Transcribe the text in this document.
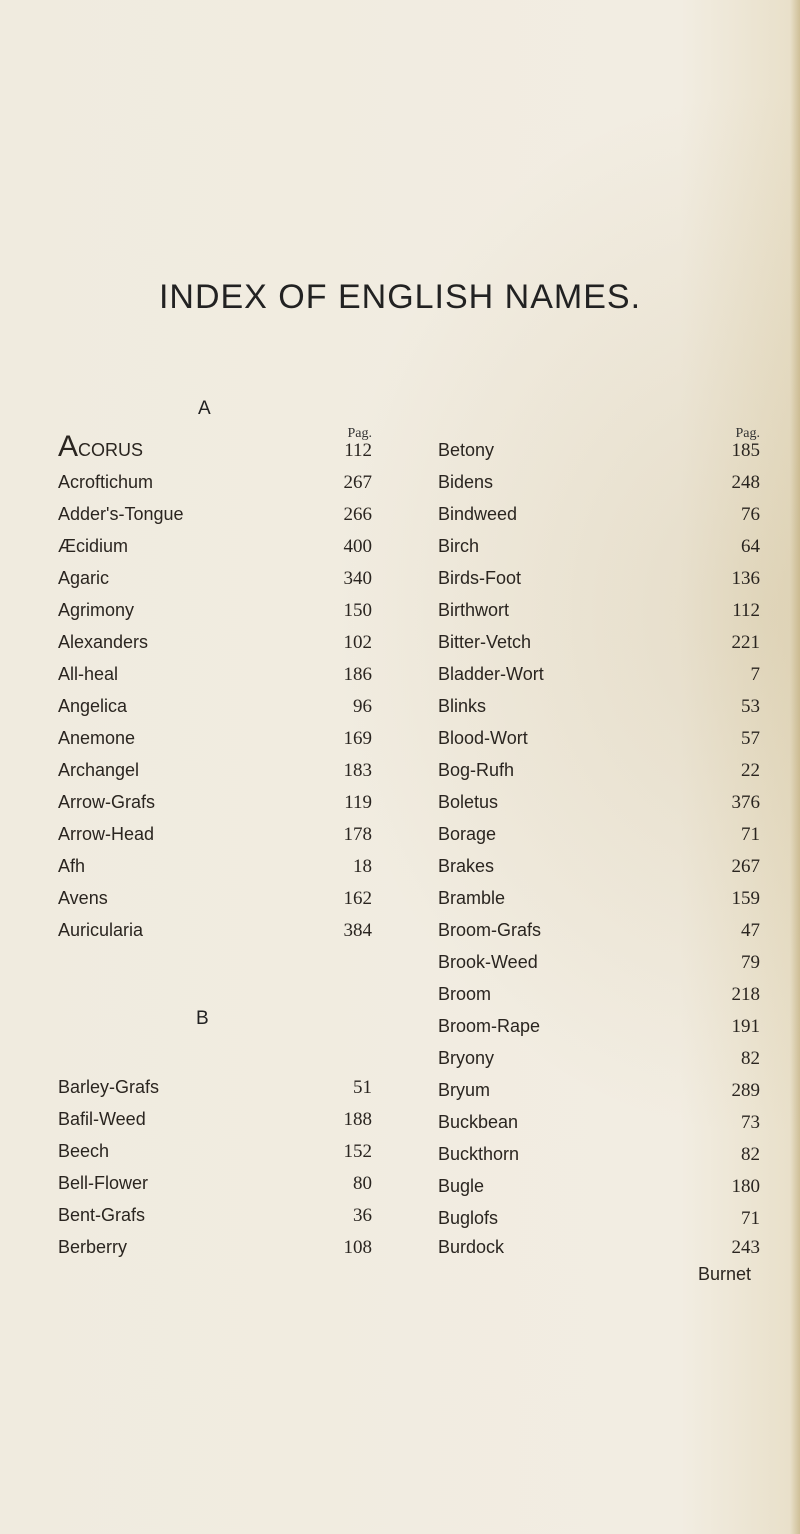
INDEX OF ENGLISH NAMES.
A
Pag.	Pag.
ACORUS	112
Acroftichum	267
Adder's-Tongue	266
Æcidium	400
Agaric	340
Agrimony	150
Alexanders	102
All-heal	186
Angelica	96
Anemone	169
Archangel	183
Arrow-Grafs	119
Arrow-Head	178
Afh	18
Avens	162
Auricularia	384
B
Barley-Grafs	51
Bafil-Weed	188
Beech	152
Bell-Flower	80
Bent-Grafs	36
Berberry	108
Betony	185
Bidens	248
Bindweed	76
Birch	64
Birds-Foot	136
Birthwort	112
Bitter-Vetch	221
Bladder-Wort	7
Blinks	53
Blood-Wort	57
Bog-Rufh	22
Boletus	376
Borage	71
Brakes	267
Bramble	159
Broom-Grafs	47
Brook-Weed	79
Broom	218
Broom-Rape	191
Bryony	82
Bryum	289
Buckbean	73
Buckthorn	82
Bugle	180
Buglofs	71
Burdock	243
Burnet
